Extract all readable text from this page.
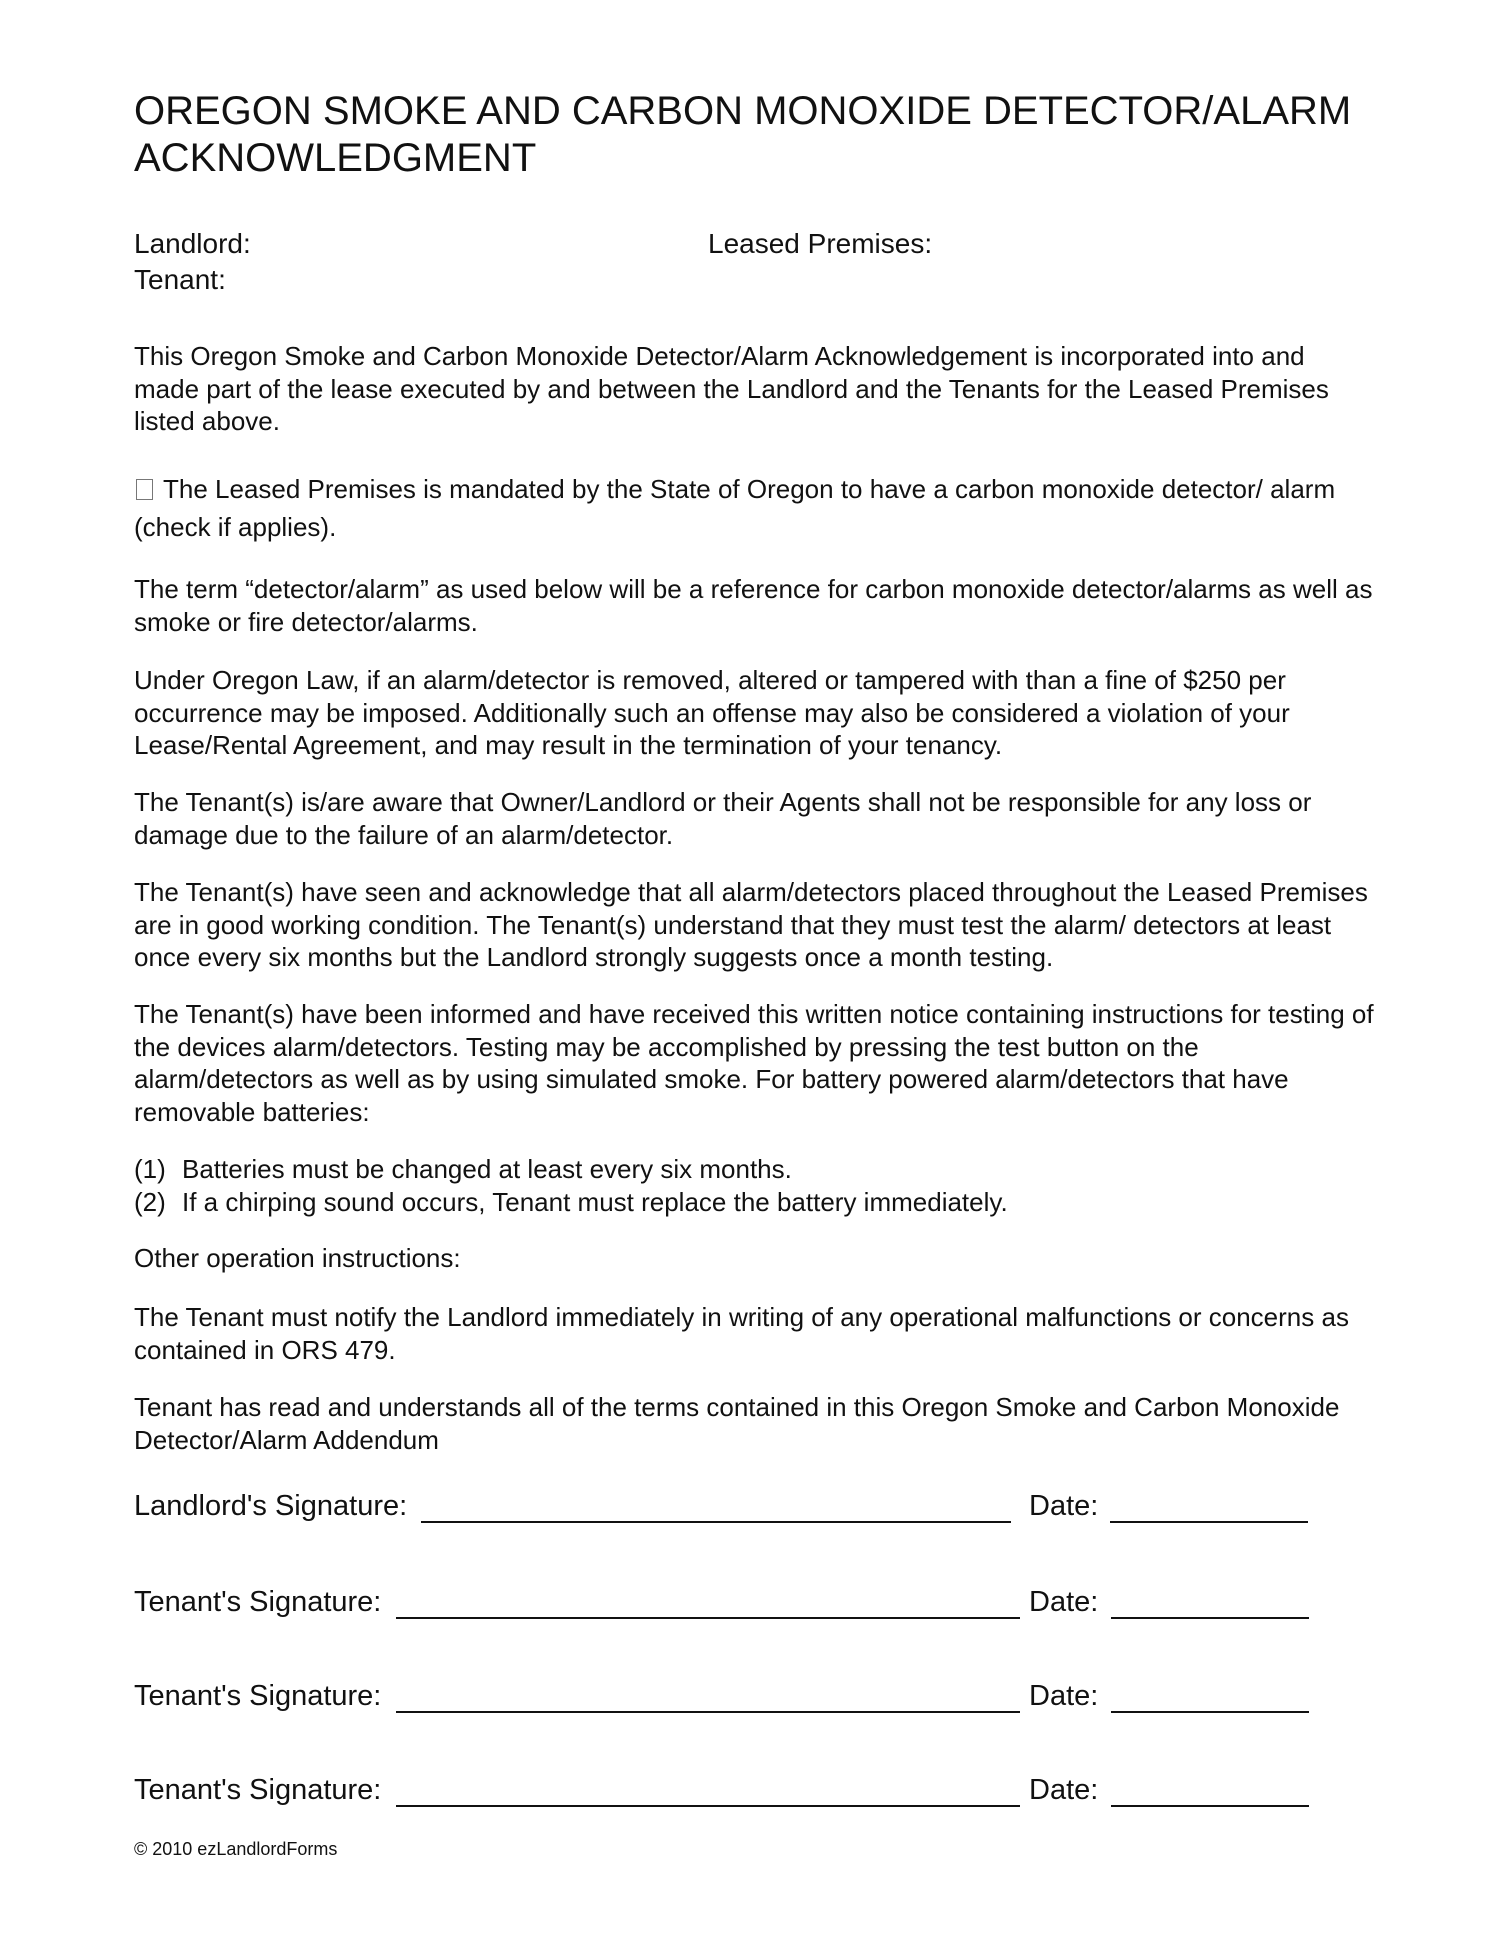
OREGON SMOKE AND CARBON MONOXIDE DETECTOR/ALARM ACKNOWLEDGMENT
Landlord:	Leased Premises:
Tenant:

This Oregon Smoke and Carbon Monoxide Detector/Alarm Acknowledgement is incorporated into and made part of the lease executed by and between the Landlord and the Tenants for the Leased Premises listed above.

The Leased Premises is mandated by the State of Oregon to have a carbon monoxide detector/ alarm (check if applies).

The term “detector/alarm” as used below will be a reference for carbon monoxide detector/alarms as well as smoke or fire detector/alarms.

Under Oregon Law, if an alarm/detector is removed, altered or tampered with than a fine of $250 per occurrence may be imposed. Additionally such an offense may also be considered a violation of your Lease/Rental Agreement, and may result in the termination of your tenancy.

The Tenant(s) is/are aware that Owner/Landlord or their Agents shall not be responsible for any loss or damage due to the failure of an alarm/detector.

The Tenant(s) have seen and acknowledge that all alarm/detectors placed throughout the Leased Premises are in good working condition. The Tenant(s) understand that they must test the alarm/ detectors at least once every six months but the Landlord strongly suggests once a month testing.

The Tenant(s) have been informed and have received this written notice containing instructions for testing of the devices alarm/detectors. Testing may be accomplished by pressing the test button on the alarm/detectors as well as by using simulated smoke. For battery powered alarm/detectors that have removable batteries:

(1) Batteries must be changed at least every six months.
(2) If a chirping sound occurs, Tenant must replace the battery immediately.

Other operation instructions:

The Tenant must notify the Landlord immediately in writing of any operational malfunctions or concerns as contained in ORS 479.

Tenant has read and understands all of the terms contained in this Oregon Smoke and Carbon Monoxide Detector/Alarm Addendum

Landlord's Signature:	Date:
Tenant's Signature:	Date:
Tenant's Signature:	Date:
Tenant's Signature:	Date:
© 2010 ezLandlordForms
